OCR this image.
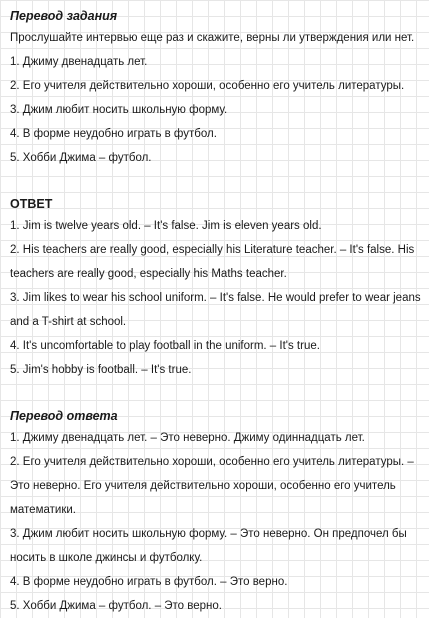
Перевод задания

Прослушайте интервью еще раз и скажите, верны ли утверждения или нет.

1. Джиму двенадцать лет.
2. Его учителя действительно хороши, особенно его учитель литературы.
3. Джим любит носить школьную форму.
4. В форме неудобно играть в футбол.
5. Хобби Джима – футбол.
ОТВЕТ
1. Jim is twelve years old. – It's false. Jim is eleven years old.
2. His teachers are really good, especially his Literature teacher. – It's false. His teachers are really good, especially his Maths teacher.
3. Jim likes to wear his school uniform. – It's false. He would prefer to wear jeans and a T-shirt at school.
4. It's uncomfortable to play football in the uniform. – It's true.
5. Jim's hobby is football. – It's true.
Перевод ответа
1. Джиму двенадцать лет. – Это неверно. Джиму одиннадцать лет.
2. Его учителя действительно хороши, особенно его учитель литературы. – Это неверно. Его учителя действительно хороши, особенно его учитель математики.
3. Джим любит носить школьную форму. – Это неверно. Он предпочел бы носить в школе джинсы и футболку.
4. В форме неудобно играть в футбол. – Это верно.
5. Хобби Джима – футбол. – Это верно.
